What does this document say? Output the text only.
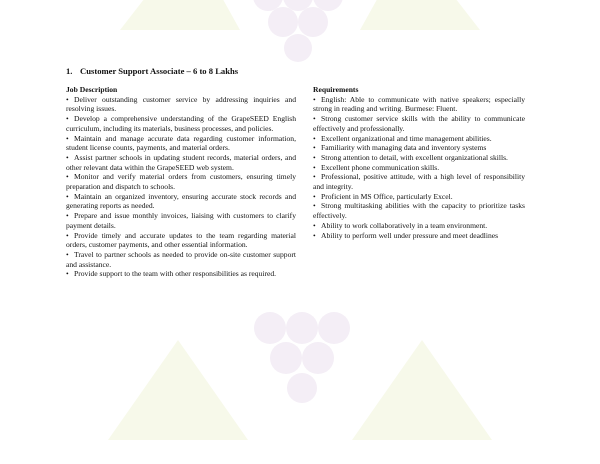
1. Customer Support Associate – 6 to 8 Lakhs
Job Description

• Deliver outstanding customer service by addressing inquiries and resolving issues.

• Develop a comprehensive understanding of the GrapeSEED English curriculum, including its materials, business processes, and policies.

• Maintain and manage accurate data regarding customer information, student license counts, payments, and material orders.

• Assist partner schools in updating student records, material orders, and other relevant data within the GrapeSEED web system.

• Monitor and verify material orders from customers, ensuring timely preparation and dispatch to schools.

• Maintain an organized inventory, ensuring accurate stock records and generating reports as needed.

• Prepare and issue monthly invoices, liaising with customers to clarify payment details.

• Provide timely and accurate updates to the team regarding material orders, customer payments, and other essential information.

• Travel to partner schools as needed to provide on-site customer support and assistance.

• Provide support to the team with other responsibilities as required.

Requirements

• English: Able to communicate with native speakers; especially strong in reading and writing. Burmese: Fluent.

• Strong customer service skills with the ability to communicate effectively and professionally.

• Excellent organizational and time management abilities.

• Familiarity with managing data and inventory systems

• Strong attention to detail, with excellent organizational skills.

• Excellent phone communication skills.

• Professional, positive attitude, with a high level of responsibility and integrity.

• Proficient in MS Office, particularly Excel.

• Strong multitasking abilities with the capacity to prioritize tasks effectively.

• Ability to work collaboratively in a team environment.

• Ability to perform well under pressure and meet deadlines
